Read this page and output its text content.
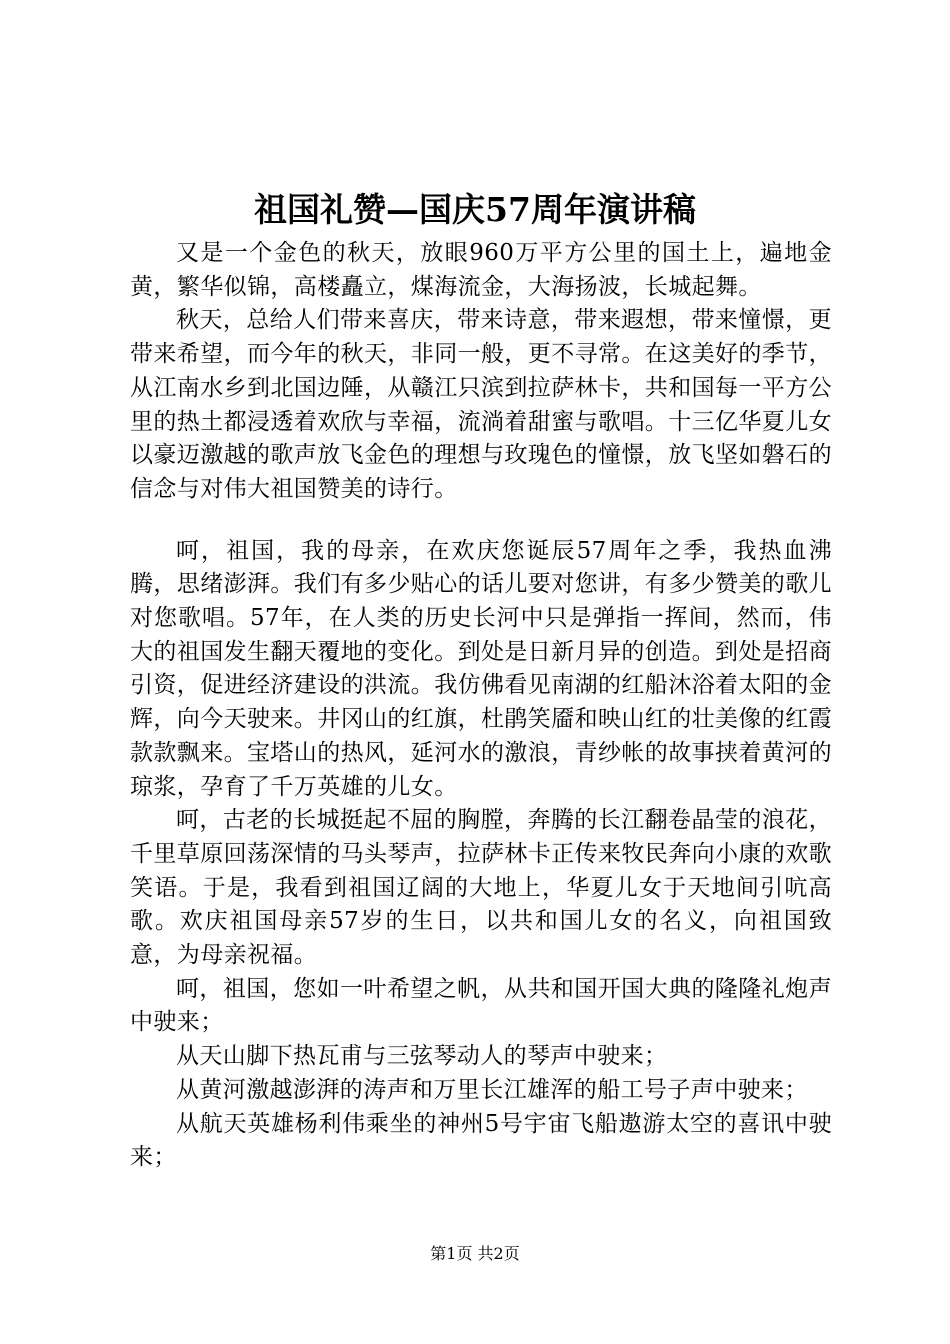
祖国礼赞—国庆57周年演讲稿

又是一个金色的秋天，放眼960万平方公里的国土上，遍地金黄，繁华似锦，高楼矗立，煤海流金，大海扬波，长城起舞。

秋天，总给人们带来喜庆，带来诗意，带来遐想，带来憧憬，更带来希望，而今年的秋天，非同一般，更不寻常。在这美好的季节，从江南水乡到北国边陲，从赣江只滨到拉萨林卡，共和国每一平方公里的热土都浸透着欢欣与幸福，流淌着甜蜜与歌唱。十三亿华夏儿女以豪迈激越的歌声放飞金色的理想与玫瑰色的憧憬，放飞坚如磐石的信念与对伟大祖国赞美的诗行。

呵，祖国，我的母亲，在欢庆您诞辰57周年之季，我热血沸腾，思绪澎湃。我们有多少贴心的话儿要对您讲，有多少赞美的歌儿对您歌唱。57年，在人类的历史长河中只是弹指一挥间，然而，伟大的祖国发生翻天覆地的变化。到处是日新月异的创造。到处是招商引资，促进经济建设的洪流。我仿佛看见南湖的红船沐浴着太阳的金辉，向今天驶来。井冈山的红旗，杜鹃笑靥和映山红的壮美像的红霞款款飘来。宝塔山的热风，延河水的激浪，青纱帐的故事挟着黄河的琼浆，孕育了千万英雄的儿女。

呵，古老的长城挺起不屈的胸膛，奔腾的长江翻卷晶莹的浪花，千里草原回荡深情的马头琴声，拉萨林卡正传来牧民奔向小康的欢歌笑语。于是，我看到祖国辽阔的大地上，华夏儿女于天地间引吭高歌。欢庆祖国母亲57岁的生日，以共和国儿女的名义，向祖国致意，为母亲祝福。

呵，祖国，您如一叶希望之帆，从共和国开国大典的隆隆礼炮声中驶来；

从天山脚下热瓦甫与三弦琴动人的琴声中驶来；

从黄河激越澎湃的涛声和万里长江雄浑的船工号子声中驶来；

从航天英雄杨利伟乘坐的神州5号宇宙飞船遨游太空的喜讯中驶来；

第1页 共2页
